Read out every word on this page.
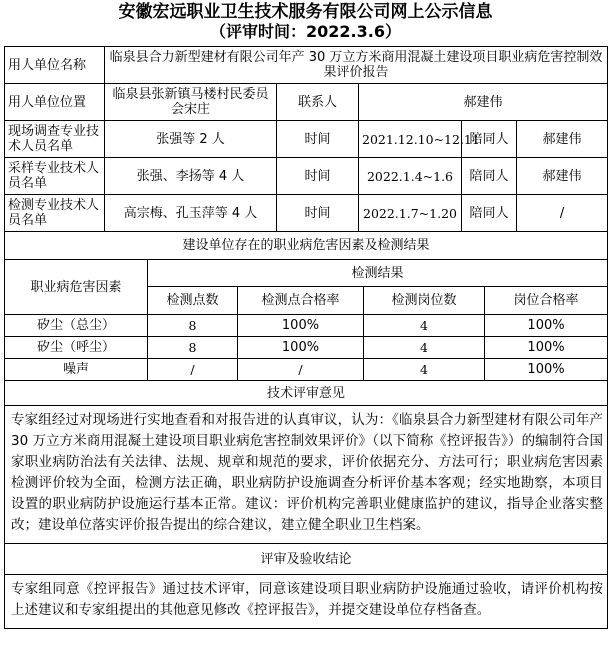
安徽宏远职业卫生技术服务有限公司网上公示信息
（评审时间：2022.3.6）
用人单位名称	临泉县合力新型建材有限公司年产 30 万立方米商用混凝土建设项目职业病危害控制效果评价报告				
用人单位位置	临泉县张新镇马楼村民委员会宋庄	联系人	郝建伟		
现场调查专业技术人员名单	张强等 2 人	时间	2021.12.10~12.11	陪同人	郝建伟
采样专业技术人员名单	张强、李扬等 4 人	时间	2022.1.4~1.6	陪同人	郝建伟
检测专业技术人员名单	高宗梅、孔玉萍等 4 人	时间	2022.1.7~1.20	陪同人	/
建设单位存在的职业病危害因素及检测结果					
职业病危害因素	检测结果			
	检测点数	检测点合格率	检测岗位数	岗位合格率
矽尘（总尘）	8	100%	4	100%
矽尘（呼尘）	8	100%	4	100%
噪声	/	/	4	100%
技术评审意见				
专家组经过对现场进行实地查看和对报告进的认真审议，认为：《临泉县合力新型建材有限公司年产 30 万立方米商用混凝土建设项目职业病危害控制效果评价》（以下简称《控评报告》）的编制符合国家职业病防治法有关法律、法规、规章和规范的要求，评价依据充分、方法可行；职业病危害因素检测评价较为全面，检测方法正确，职业病防护设施调查分析评价基本客观；经实地勘察，本项目设置的职业病防护设施运行基本正常。建议：评价机构完善职业健康监护的建议，指导企业落实整改；建设单位落实评价报告提出的综合建议，建立健全职业卫生档案。				
评审及验收结论				
专家组同意《控评报告》通过技术评审，同意该建设项目职业病防护设施通过验收，请评价机构按上述建议和专家组提出的其他意见修改《控评报告》，并提交建设单位存档备查。				
